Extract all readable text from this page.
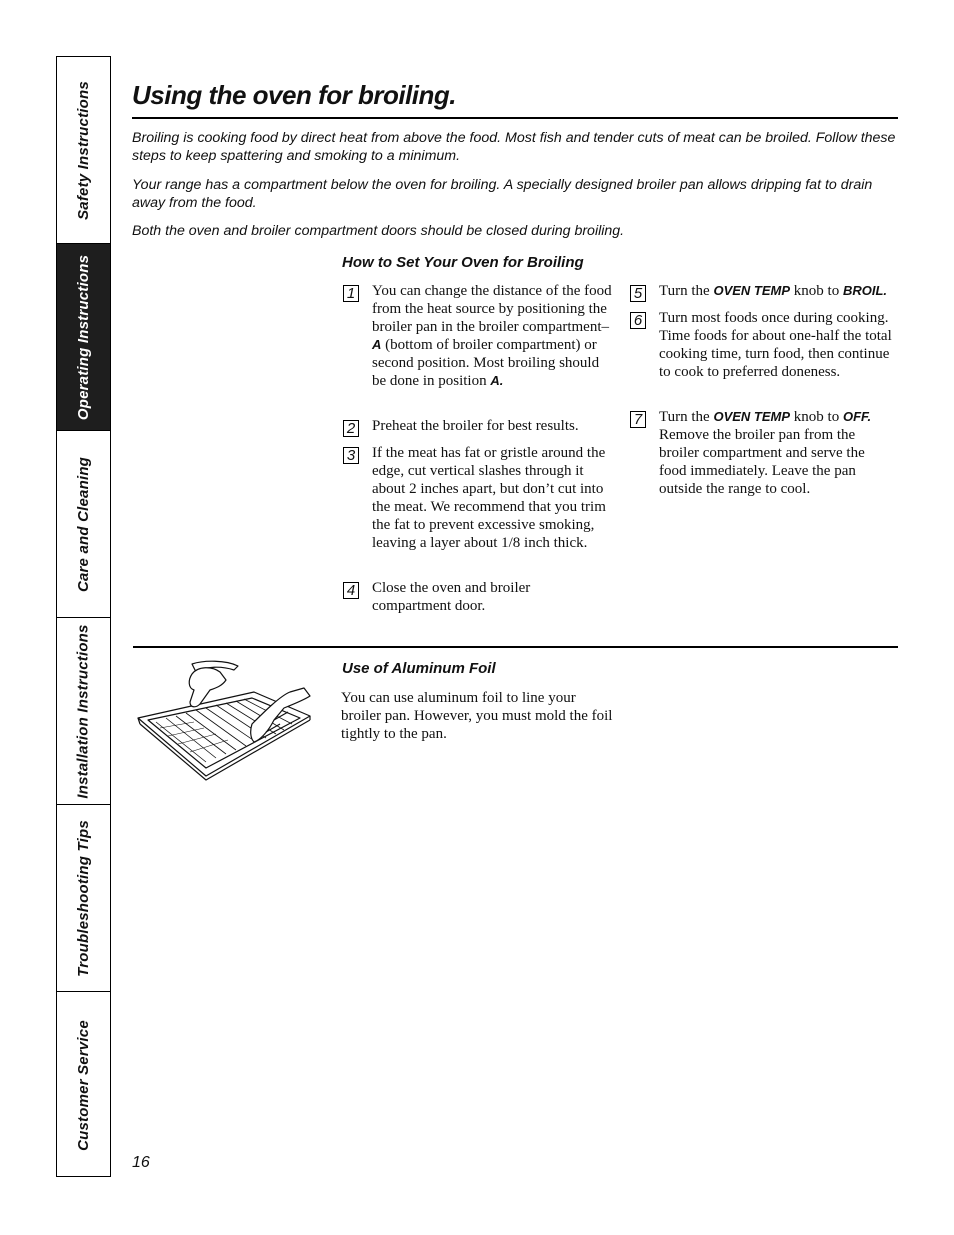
Safety Instructions
Operating Instructions
Care and Cleaning
Installation Instructions
Troubleshooting Tips
Customer Service
Using the oven for broiling.

Broiling is cooking food by direct heat from above the food. Most fish and tender cuts of meat can be broiled. Follow these steps to keep spattering and smoking to a minimum.

Your range has a compartment below the oven for broiling. A specially designed broiler pan allows dripping fat to drain away from the food.

Both the oven and broiler compartment doors should be closed during broiling.

How to Set Your Oven for Broiling
1 You can change the distance of the food from the heat source by positioning the broiler pan in the broiler compartment–A (bottom of broiler compartment) or second position. Most broiling should be done in position A.
2 Preheat the broiler for best results.
3 If the meat has fat or gristle around the edge, cut vertical slashes through it about 2 inches apart, but don’t cut into the meat. We recommend that you trim the fat to prevent excessive smoking, leaving a layer about 1/8 inch thick.
4 Close the oven and broiler compartment door.
5 Turn the OVEN TEMP knob to BROIL.
6 Turn most foods once during cooking. Time foods for about one-half the total cooking time, turn food, then continue to cook to preferred doneness.
7 Turn the OVEN TEMP knob to OFF. Remove the broiler pan from the broiler compartment and serve the food immediately. Leave the pan outside the range to cool.
Use of Aluminum Foil

You can use aluminum foil to line your broiler pan. However, you must mold the foil tightly to the pan.

16
